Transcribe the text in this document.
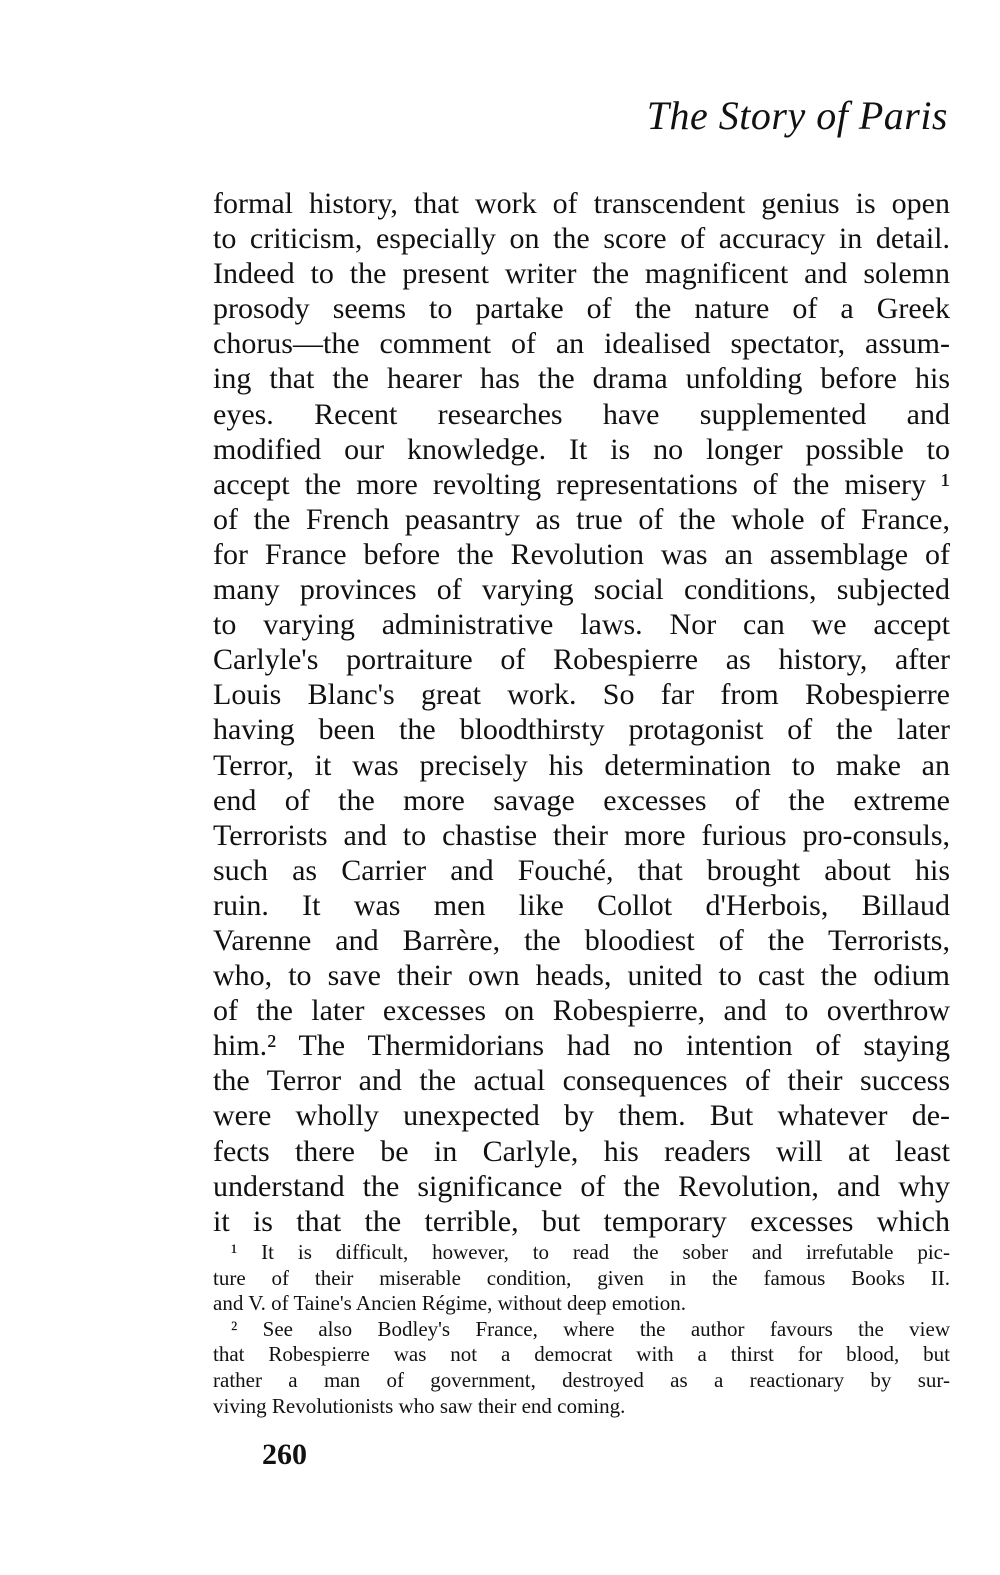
The Story of Paris
formal history, that work of transcendent genius is open
to criticism, especially on the score of accuracy in detail.
Indeed to the present writer the magnificent and solemn
prosody seems to partake of the nature of a Greek
chorus—the comment of an idealised spectator, assum-
ing that the hearer has the drama unfolding before his
eyes. Recent researches have supplemented and
modified our knowledge. It is no longer possible to
accept the more revolting representations of the misery ¹
of the French peasantry as true of the whole of France,
for France before the Revolution was an assemblage of
many provinces of varying social conditions, subjected
to varying administrative laws. Nor can we accept
Carlyle's portraiture of Robespierre as history, after
Louis Blanc's great work. So far from Robespierre
having been the bloodthirsty protagonist of the later
Terror, it was precisely his determination to make an
end of the more savage excesses of the extreme
Terrorists and to chastise their more furious pro-consuls,
such as Carrier and Fouché, that brought about his
ruin. It was men like Collot d'Herbois, Billaud
Varenne and Barrère, the bloodiest of the Terrorists,
who, to save their own heads, united to cast the odium
of the later excesses on Robespierre, and to overthrow
him.² The Thermidorians had no intention of staying
the Terror and the actual consequences of their success
were wholly unexpected by them. But whatever de-
fects there be in Carlyle, his readers will at least
understand the significance of the Revolution, and why
it is that the terrible, but temporary excesses which
¹ It is difficult, however, to read the sober and irrefutable pic-
ture of their miserable condition, given in the famous Books II.
and V. of Taine's Ancien Régime, without deep emotion.
² See also Bodley's France, where the author favours the view
that Robespierre was not a democrat with a thirst for blood, but
rather a man of government, destroyed as a reactionary by sur-
viving Revolutionists who saw their end coming.
260
